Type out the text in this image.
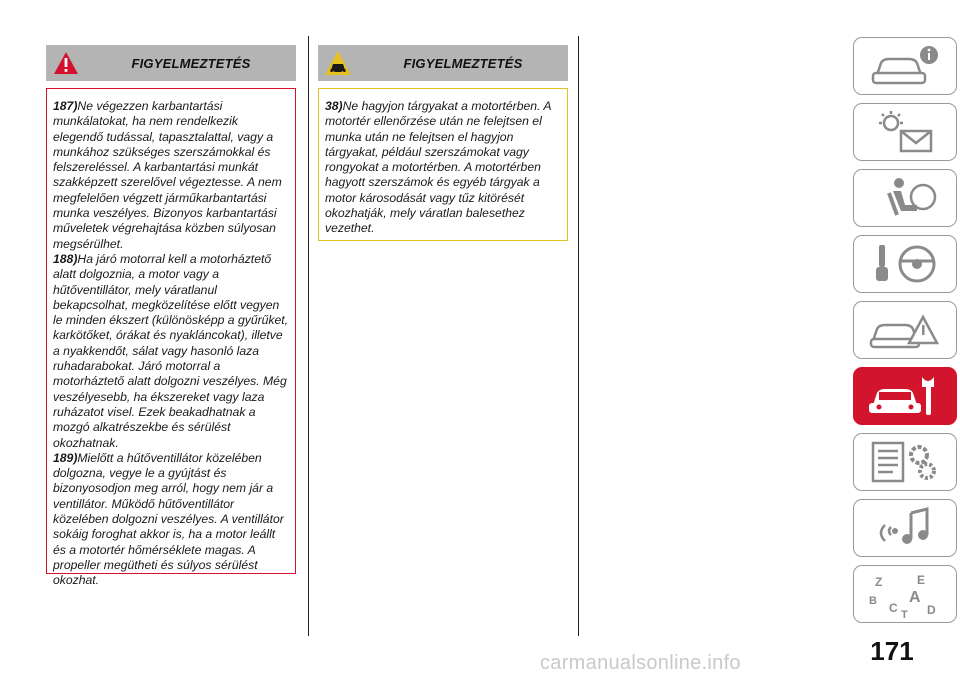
FIGYELMEZTETÉS

187)Ne végezzen karbantartási munkálatokat, ha nem rendelkezik elegendő tudással, tapasztalattal, vagy a munkához szükséges szerszámokkal és felszereléssel. A karbantartási munkát szakképzett szerelővel végeztesse. A nem megfelelően végzett járműkarbantartási munka veszélyes. Bizonyos karbantartási műveletek végrehajtása közben súlyosan megsérülhet.

188)Ha járó motorral kell a motorháztető alatt dolgoznia, a motor vagy a hűtőventillátor, mely váratlanul bekapcsolhat, megközelítése előtt vegyen le minden ékszert (különösképp a gyűrűket, karkötőket, órákat és nyakláncokat), illetve a nyakkendőt, sálat vagy hasonló laza ruhadarabokat. Járó motorral a motorháztető alatt dolgozni veszélyes. Még veszélyesebb, ha ékszereket vagy laza ruházatot visel. Ezek beakadhatnak a mozgó alkatrészekbe és sérülést okozhatnak.

189)Mielőtt a hűtőventillátor közelében dolgozna, vegye le a gyújtást és bizonyosodjon meg arról, hogy nem jár a ventillátor. Működő hűtőventillátor közelében dolgozni veszélyes. A ventillátor sokáig foroghat akkor is, ha a motor leállt és a motortér hőmérséklete magas. A propeller megütheti és súlyos sérülést okozhat.

FIGYELMEZTETÉS

38)Ne hagyjon tárgyakat a motortérben. A motortér ellenőrzése után ne felejtsen el munka után ne felejtsen el hagyjon tárgyakat, például szerszámokat vagy rongyokat a motortérben. A motortérben hagyott szerszámok és egyéb tárgyak a motor károsodását vagy tűz kitörését okozhatják, mely váratlan balesethez vezethet.

Z	E
B A
C D
T
171
carmanualsonline.info
